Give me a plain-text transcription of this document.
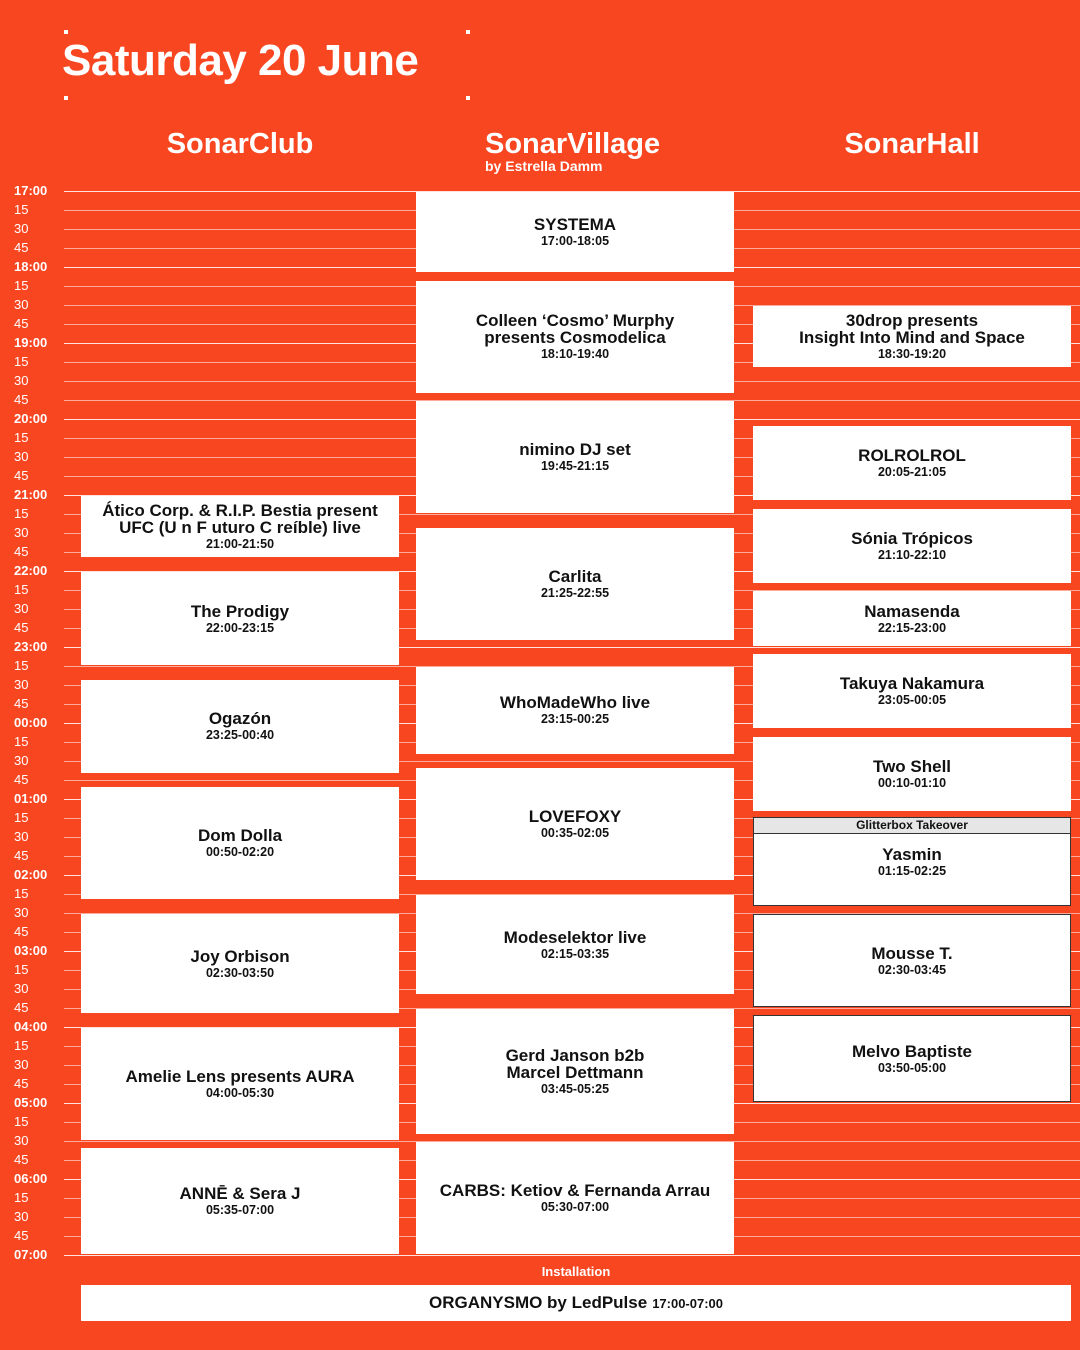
17:00
15
30
45
18:00
15
30
45
19:00
15
30
45
20:00
15
30
45
21:00
15
30
45
22:00
15
30
45
23:00
15
30
45
00:00
15
30
45
01:00
15
30
45
02:00
15
30
45
03:00
15
30
45
04:00
15
30
45
05:00
15
30
45
06:00
15
30
45
07:00
Saturday 20 June
SonarClub	SonarVillage
by Estrella Damm
SonarHall
Ático Corp. & R.I.P. Bestia present
UFC (U n F uturo C reíble) live
21:00-21:50
The Prodigy
22:00-23:15
Ogazón
23:25-00:40
Dom Dolla
00:50-02:20
Joy Orbison
02:30-03:50
Amelie Lens presents AURA
04:00-05:30
ANNĒ & Sera J
05:35-07:00
SYSTEMA
17:00-18:05
Colleen ‘Cosmo’ Murphy
presents Cosmodelica
18:10-19:40
nimino DJ set
19:45-21:15
Carlita
21:25-22:55
WhoMadeWho live
23:15-00:25
LOVEFOXY
00:35-02:05
Modeselektor live
02:15-03:35
Gerd Janson b2b
Marcel Dettmann
03:45-05:25
CARBS: Ketiov & Fernanda Arrau
05:30-07:00
30drop presents
Insight Into Mind and Space
18:30-19:20
ROLROLROL
20:05-21:05
Sónia Trópicos
21:10-22:10
Namasenda
22:15-23:00
Takuya Nakamura
23:05-00:05
Two Shell
00:10-01:10
Yasmin
01:15-02:25
Mousse T.
02:30-03:45
Melvo Baptiste
03:50-05:00
Glitterbox Takeover
Installation
ORGANYSMO by LedPulse 17:00-07:00
